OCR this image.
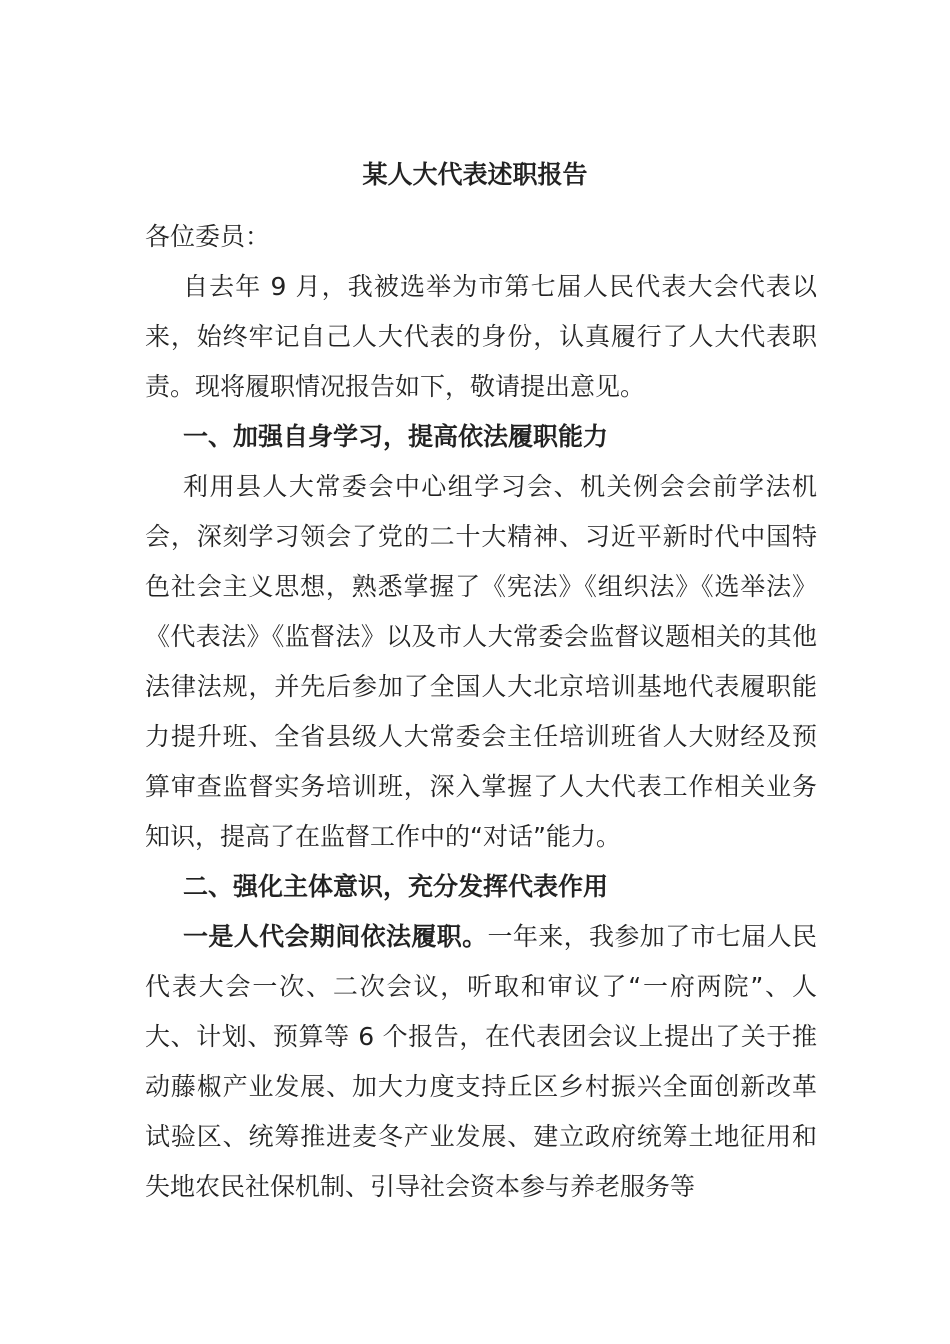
某人大代表述职报告

各位委员：

自去年 9 月，我被选举为市第七届人民代表大会代表以来，始终牢记自己人大代表的身份，认真履行了人大代表职责。现将履职情况报告如下，敬请提出意见。

一、加强自身学习，提高依法履职能力

利用县人大常委会中心组学习会、机关例会会前学法机会，深刻学习领会了党的二十大精神、习近平新时代中国特色社会主义思想，熟悉掌握了《宪法》《组织法》《选举法》《代表法》《监督法》以及市人大常委会监督议题相关的其他法律法规，并先后参加了全国人大北京培训基地代表履职能力提升班、全省县级人大常委会主任培训班省人大财经及预算审查监督实务培训班，深入掌握了人大代表工作相关业务知识，提高了在监督工作中的“对话”能力。

二、强化主体意识，充分发挥代表作用

一是人代会期间依法履职。一年来，我参加了市七届人民代表大会一次、二次会议，听取和审议了“一府两院”、人大、计划、预算等 6 个报告，在代表团会议上提出了关于推动藤椒产业发展、加大力度支持丘区乡村振兴全面创新改革试验区、统筹推进麦冬产业发展、建立政府统筹土地征用和失地农民社保机制、引导社会资本参与养老服务等
